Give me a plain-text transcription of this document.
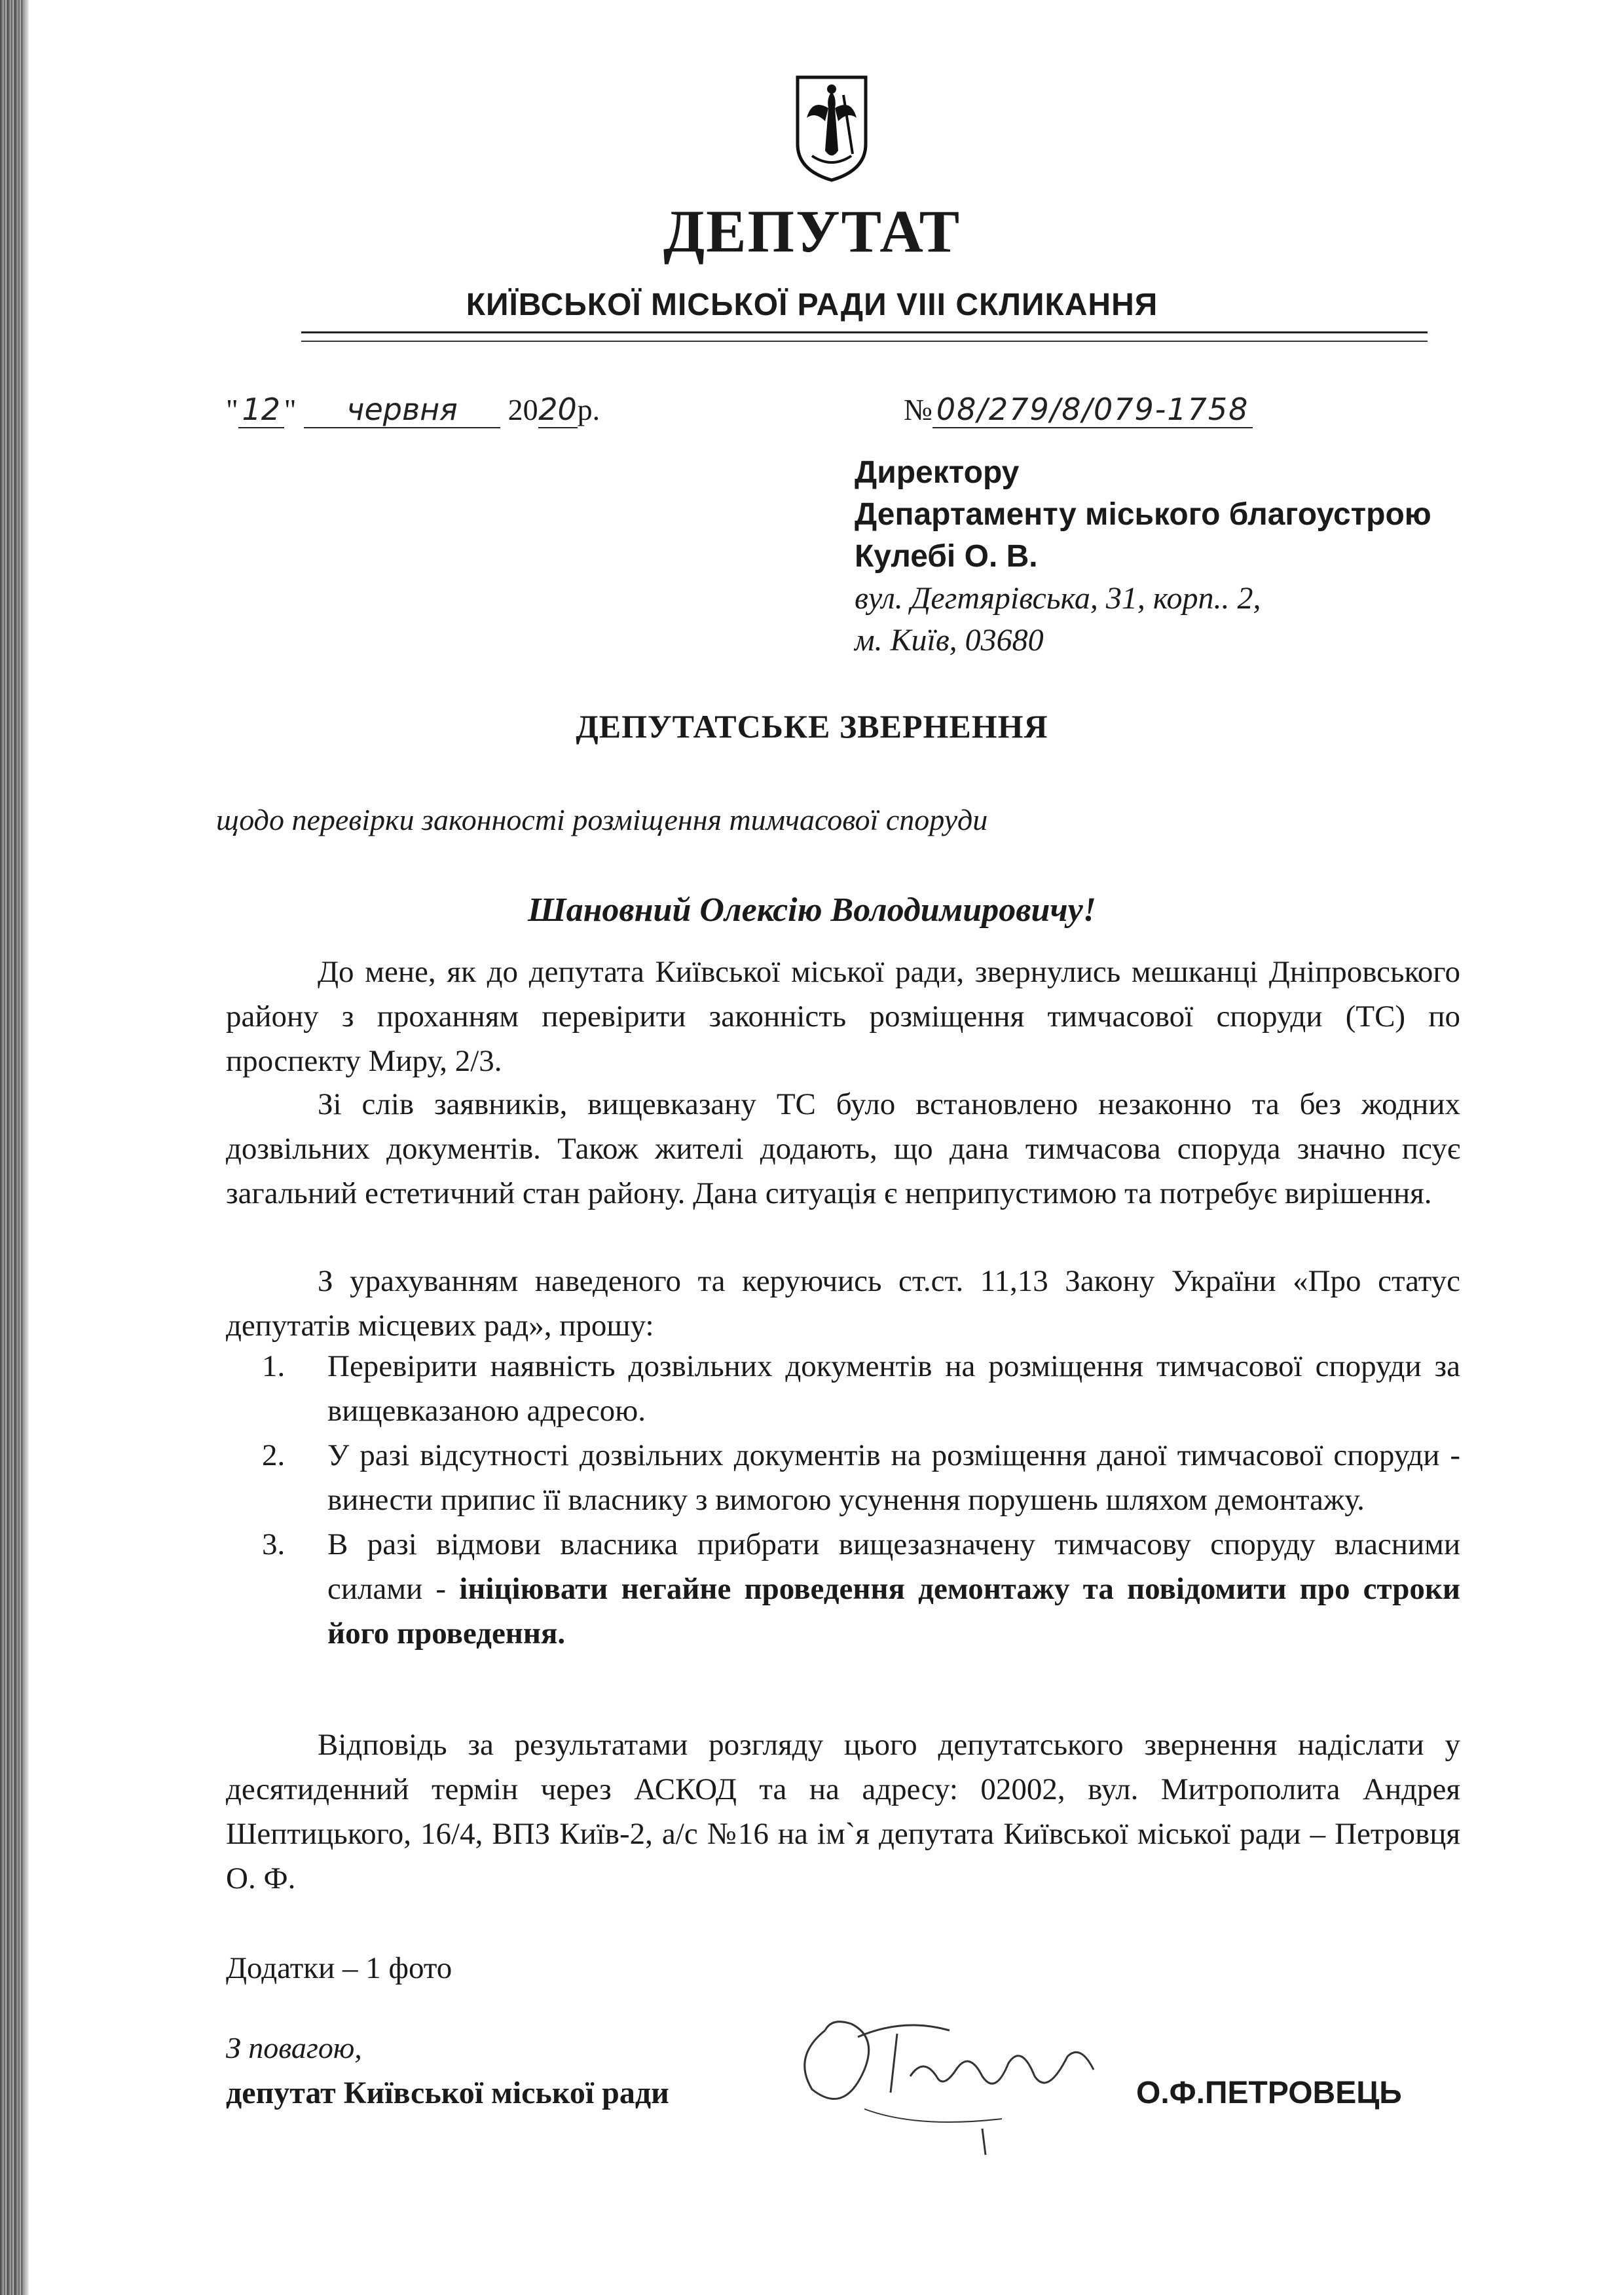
ДЕПУТАТ
КИЇВСЬКОЇ МІСЬКОЇ РАДИ VIII СКЛИКАННЯ
" 12 " червня 2020р.	№ 08/279/8/079-1758
Директору
Департаменту міського благоустрою
Кулебі О. В.
вул. Дегтярівська, 31, корп.. 2,
м. Київ, 03680
ДЕПУТАТСЬКЕ ЗВЕРНЕННЯ
щодо перевірки законності розміщення тимчасової споруди
Шановний Олексію Володимировичу!
До мене, як до депутата Київської міської ради, звернулись мешканці Дніпровського району з проханням перевірити законність розміщення тимчасової споруди (ТС) по проспекту Миру, 2/3.
Зі слів заявників, вищевказану ТС було встановлено незаконно та без жодних дозвільних документів. Також жителі додають, що дана тимчасова споруда значно псує загальний естетичний стан району. Дана ситуація є неприпустимою та потребує вирішення.
З урахуванням наведеного та керуючись ст.ст. 11,13 Закону України «Про статус депутатів місцевих рад», прошу:
1.	Перевірити наявність дозвільних документів на розміщення тимчасової споруди за вищевказаною адресою.
2.	У разі відсутності дозвільних документів на розміщення даної тимчасової споруди - винести припис її власнику з вимогою усунення порушень шляхом демонтажу.
3.	В разі відмови власника прибрати вищезазначену тимчасову споруду власними силами - ініціювати негайне проведення демонтажу та повідомити про строки його проведення.
Відповідь за результатами розгляду цього депутатського звернення надіслати у десятиденний термін через АСКОД та на адресу: 02002, вул. Митрополита Андрея Шептицького, 16/4, ВПЗ Київ-2, а/с №16 на ім`я депутата Київської міської ради – Петровця О. Ф.
Додатки – 1 фото
З повагою,
депутат Київської міської ради	О.Ф.ПЕТРОВЕЦЬ
